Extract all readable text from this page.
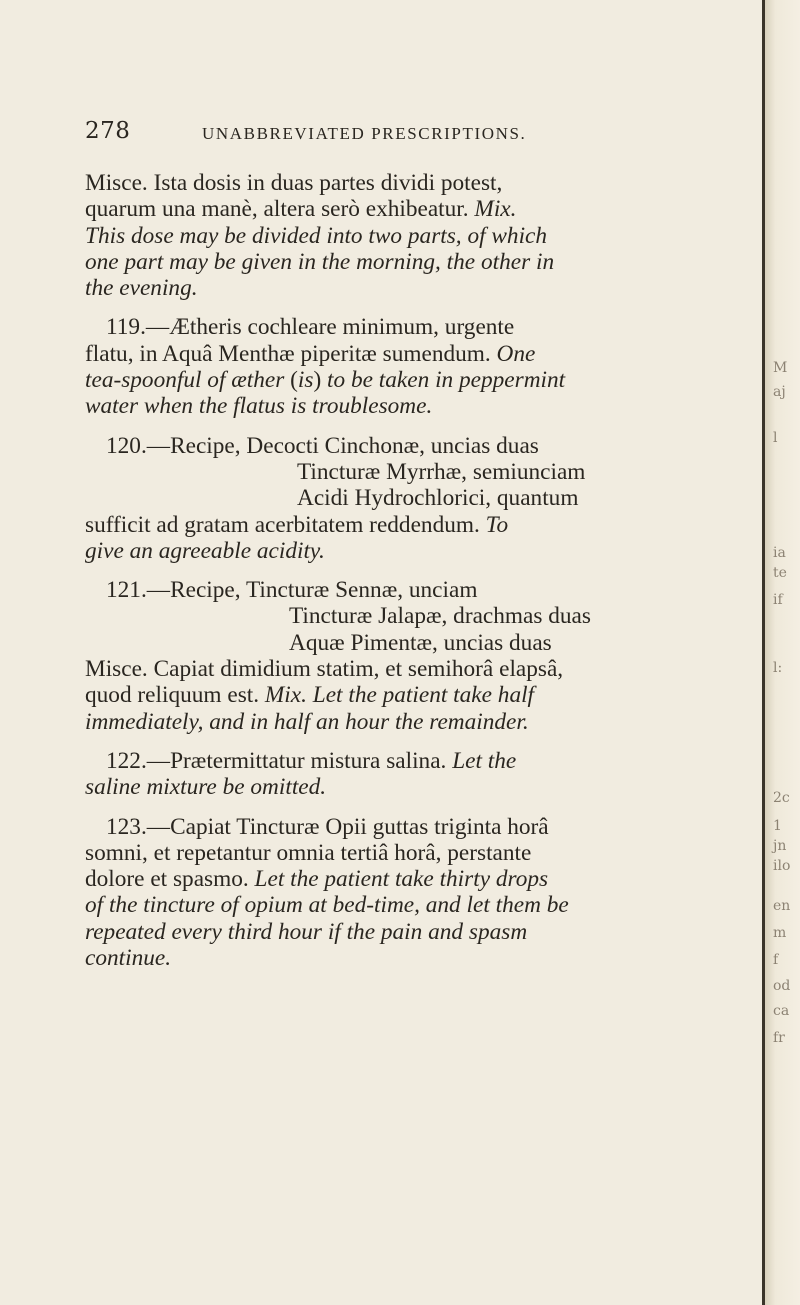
278	UNABBREVIATED PRESCRIPTIONS.

Misce. Ista dosis in duas partes dividi potest,
quarum una manè, altera serò exhibeatur. Mix.
This dose may be divided into two parts, of which
one part may be given in the morning, the other in
the evening.

119.—Ætheris cochleare minimum, urgente
flatu, in Aquâ Menthæ piperitæ sumendum. One
tea-spoonful of æther (is) to be taken in peppermint
water when the flatus is troublesome.

120.—Recipe, Decocti Cinchonæ, uncias duas
Tincturæ Myrrhæ, semiunciam
Acidi Hydrochlorici, quantum
sufficit ad gratam acerbitatem reddendum. To
give an agreeable acidity.

121.—Recipe, Tincturæ Sennæ, unciam
Tincturæ Jalapæ, drachmas duas
Aquæ Pimentæ, uncias duas
Misce. Capiat dimidium statim, et semihorâ elapsâ,
quod reliquum est. Mix. Let the patient take half
immediately, and in half an hour the remainder.

122.—Prætermittatur mistura salina. Let the
saline mixture be omitted.

123.—Capiat Tincturæ Opii guttas triginta horâ
somni, et repetantur omnia tertiâ horâ, perstante
dolore et spasmo. Let the patient take thirty drops
of the tincture of opium at bed-time, and let them be
repeated every third hour if the pain and spasm
continue.

M
aj
l
ia
te
if
l:
2c
1
jn
ilo
en
m
f
od
ca
fr
